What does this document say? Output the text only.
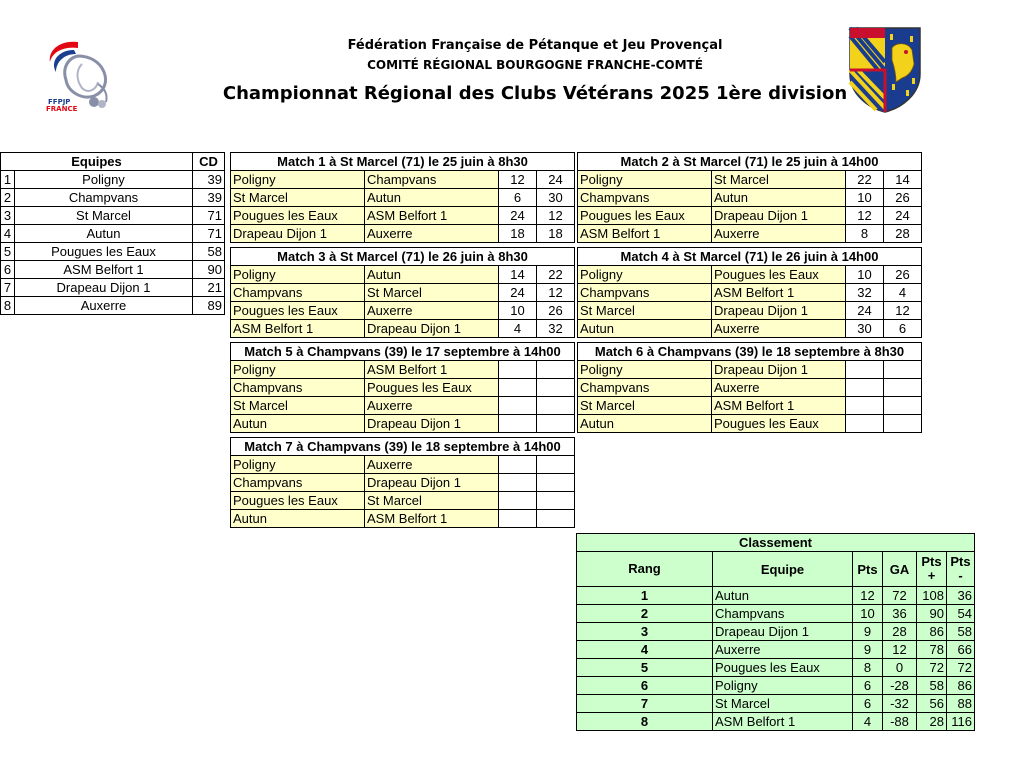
FFPJP
FRANCE
Fédération Française de Pétanque et Jeu Provençal
COMITÉ RÉGIONAL BOURGOGNE FRANCHE-COMTÉ
Championnat Régional des Clubs Vétérans 2025 1ère division
Equipes		CD
1	Poligny	39
2	Champvans	39
3	St Marcel	71
4	Autun	71
5	Pougues les Eaux	58
6	ASM Belfort 1	90
7	Drapeau Dijon 1	21
8	Auxerre	89
Match 1 à St Marcel (71) le 25 juin à 8h30			
Poligny	Champvans	12	24
St Marcel	Autun	6	30
Pougues les Eaux	ASM Belfort 1	24	12
Drapeau Dijon 1	Auxerre	18	18
Match 2 à St Marcel (71) le 25 juin à 14h00			
Poligny	St Marcel	22	14
Champvans	Autun	10	26
Pougues les Eaux	Drapeau Dijon 1	12	24
ASM Belfort 1	Auxerre	8	28
Match 3 à St Marcel (71) le 26 juin à 8h30			
Poligny	Autun	14	22
Champvans	St Marcel	24	12
Pougues les Eaux	Auxerre	10	26
ASM Belfort 1	Drapeau Dijon 1	4	32
Match 4 à St Marcel (71) le 26 juin à 14h00			
Poligny	Pougues les Eaux	10	26
Champvans	ASM Belfort 1	32	4
St Marcel	Drapeau Dijon 1	24	12
Autun	Auxerre	30	6
Match 5 à Champvans (39) le 17 septembre à 14h00			
Poligny	ASM Belfort 1		
Champvans	Pougues les Eaux		
St Marcel	Auxerre		
Autun	Drapeau Dijon 1		
Match 6 à Champvans (39) le 18 septembre à 8h30			
Poligny	Drapeau Dijon 1		
Champvans	Auxerre		
St Marcel	ASM Belfort 1		
Autun	Pougues les Eaux		
Match 7 à Champvans (39) le 18 septembre à 14h00			
Poligny	Auxerre		
Champvans	Drapeau Dijon 1		
Pougues les Eaux	St Marcel		
Autun	ASM Belfort 1		
Classement					
Rang	Equipe	Pts	GA	Pts +	Pts -
1	Autun	12	72	108	36
2	Champvans	10	36	90	54
3	Drapeau Dijon 1	9	28	86	58
4	Auxerre	9	12	78	66
5	Pougues les Eaux	8	0	72	72
6	Poligny	6	-28	58	86
7	St Marcel	6	-32	56	88
8	ASM Belfort 1	4	-88	28	116
